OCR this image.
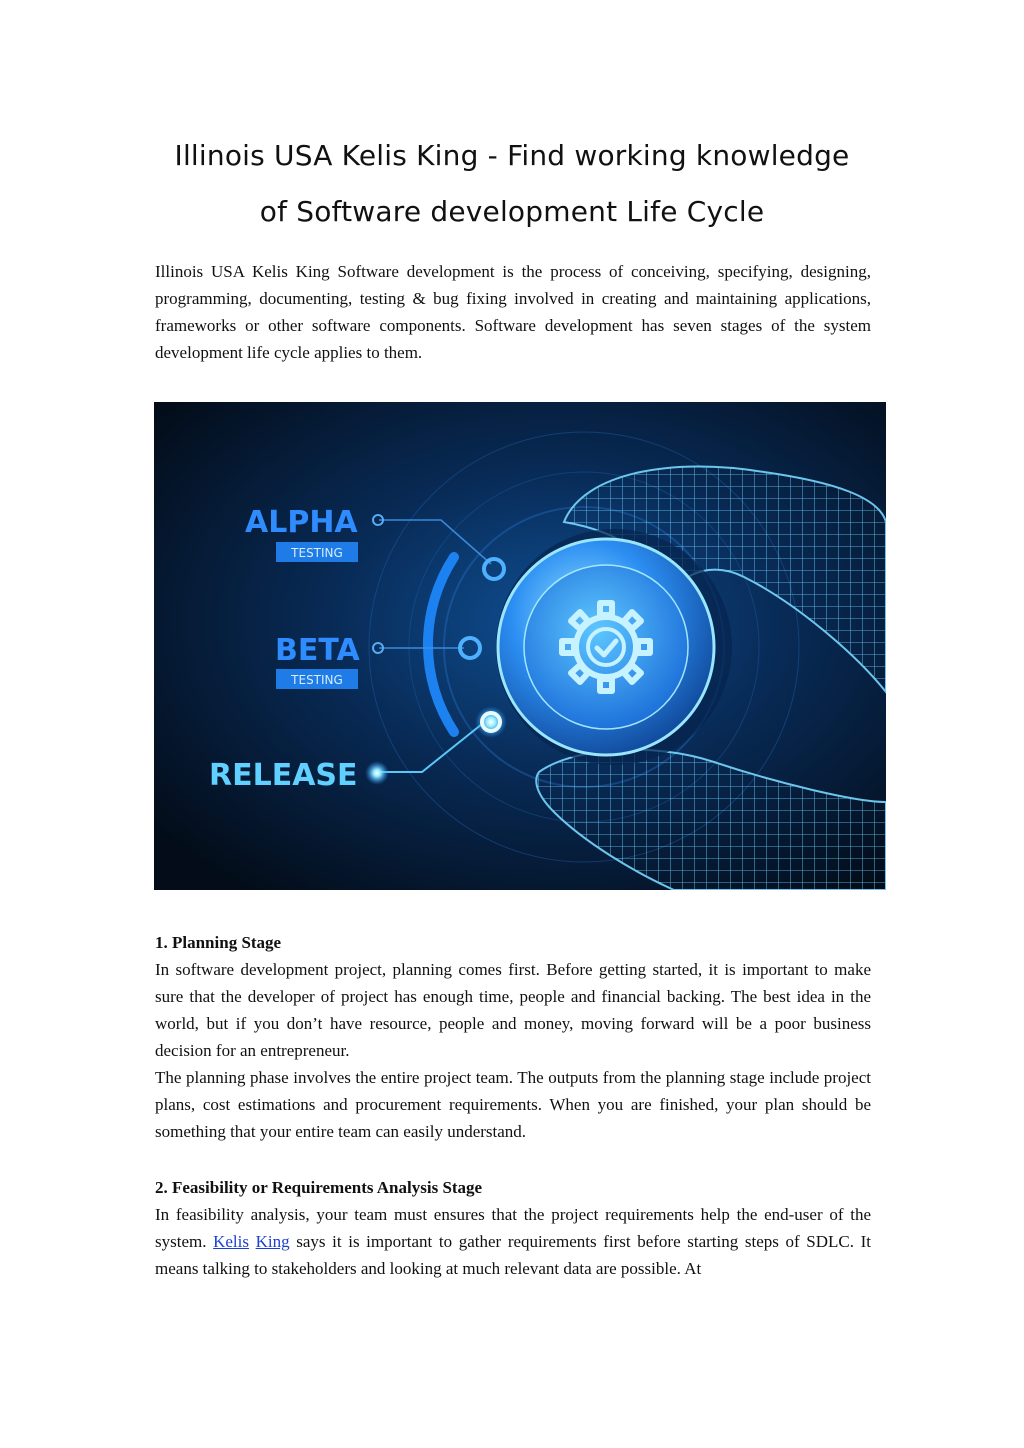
Illinois USA Kelis King - Find working knowledge
of Software development Life Cycle

Illinois USA Kelis King Software development is the process of conceiving, specifying, designing, programming, documenting, testing & bug fixing involved in creating and maintaining applications, frameworks or other software components. Software development has seven stages of the system development life cycle applies to them.

ALPHA
TESTING
BETA
TESTING
RELEASE

1. Planning Stage

In software development project, planning comes first. Before getting started, it is important to make sure that the developer of project has enough time, people and financial backing. The best idea in the world, but if you don’t have resource, people and money, moving forward will be a poor business decision for an entrepreneur.

The planning phase involves the entire project team. The outputs from the planning stage include project plans, cost estimations and procurement requirements. When you are finished, your plan should be something that your entire team can easily understand.

2. Feasibility or Requirements Analysis Stage

In feasibility analysis, your team must ensures that the project requirements help the end-user of the system. Kelis King says it is important to gather requirements first before starting steps of SDLC. It means talking to stakeholders and looking at much relevant data are possible. At
